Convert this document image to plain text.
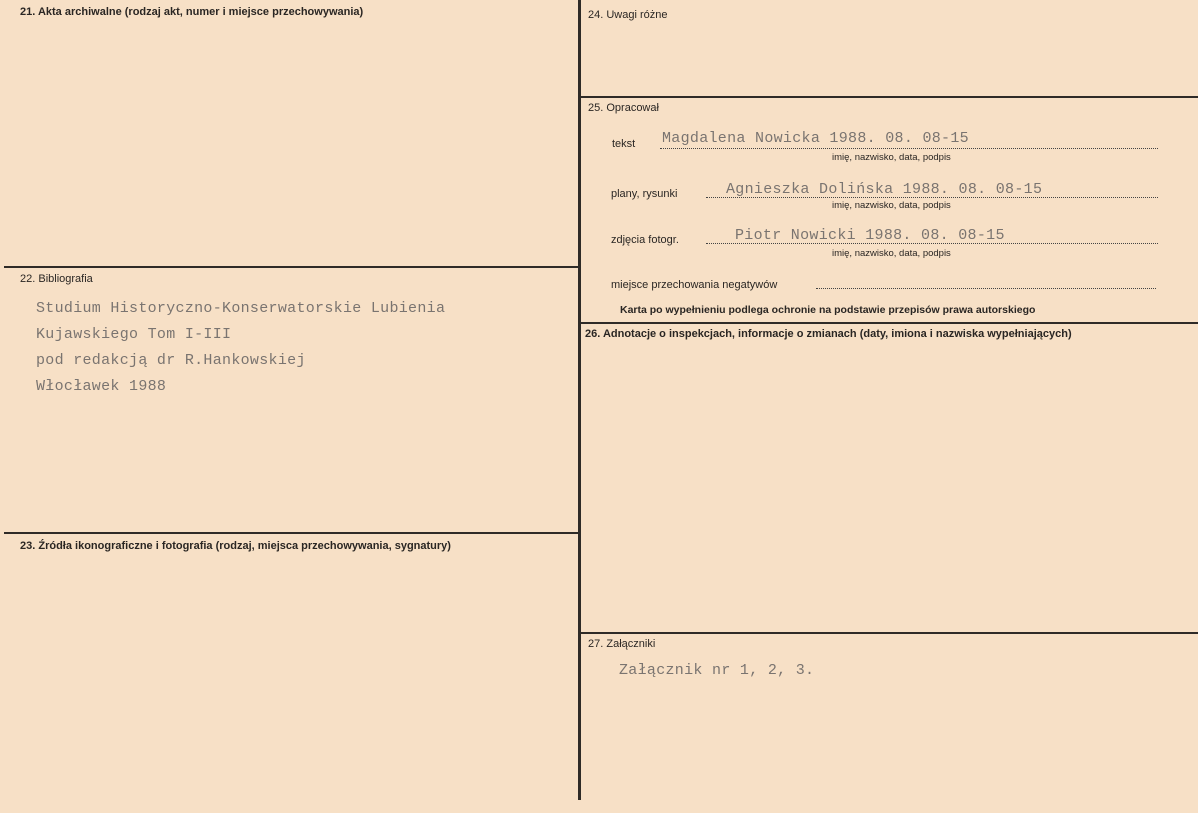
21. Akta archiwalne (rodzaj akt, numer i miejsce przechowywania)
22. Bibliografia
Studium Historyczno-Konserwatorskie Lubienia
Kujawskiego Tom I-III
pod redakcją dr R.Hankowskiej
Włocławek 1988
23. Źródła ikonograficzne i fotografia (rodzaj, miejsca przechowywania, sygnatury)
24. Uwagi różne
25. Opracował
tekst Magdalena Nowicka 1988. 08. 08-15
imię, nazwisko, data, podpis
plany, rysunki	Agnieszka Dolińska 1988. 08. 08-15
imię, nazwisko, data, podpis
zdjęcia fotogr.	Piotr Nowicki 1988. 08. 08-15
imię, nazwisko, data, podpis
miejsce przechowania negatywów
Karta po wypełnieniu podlega ochronie na podstawie przepisów prawa autorskiego
26. Adnotacje o inspekcjach, informacje o zmianach (daty, imiona i nazwiska wypełniających)
27. Załączniki
Załącznik nr 1, 2, 3.
